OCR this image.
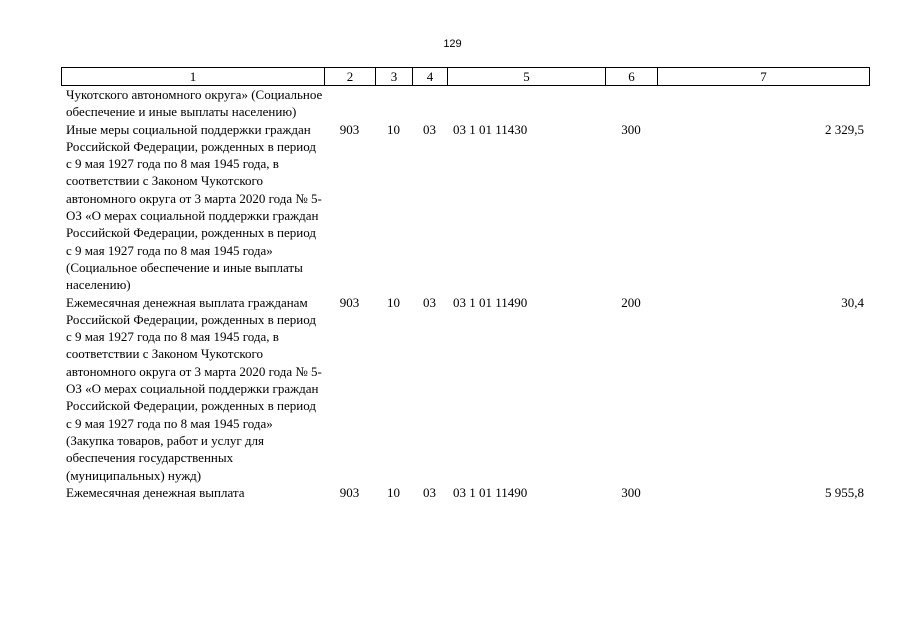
129
1	2	3	4	5	6	7
Чукотского автономного округа» (Социальное обеспечение и иные выплаты населению)						
Иные меры социальной поддержки граждан Российской Федерации, рожденных в период с 9 мая 1927 года по 8 мая 1945 года, в соответствии с Законом Чукотского автономного округа от 3 марта 2020 года № 5-ОЗ «О мерах социальной поддержки граждан Российской Федерации, рожденных в период с 9 мая 1927 года по 8 мая 1945 года» (Социальное обеспечение и иные выплаты населению)	903	10	03	03 1 01 11430	300	2 329,5
Ежемесячная денежная выплата гражданам Российской Федерации, рожденных в период с 9 мая 1927 года по 8 мая 1945 года, в соответствии с Законом Чукотского автономного округа от 3 марта 2020 года № 5-ОЗ «О мерах социальной поддержки граждан Российской Федерации, рожденных в период с 9 мая 1927 года по 8 мая 1945 года» (Закупка товаров, работ и услуг для обеспечения государственных (муниципальных) нужд)	903	10	03	03 1 01 11490	200	30,4
Ежемесячная денежная выплата	903	10	03	03 1 01 11490	300	5 955,8
